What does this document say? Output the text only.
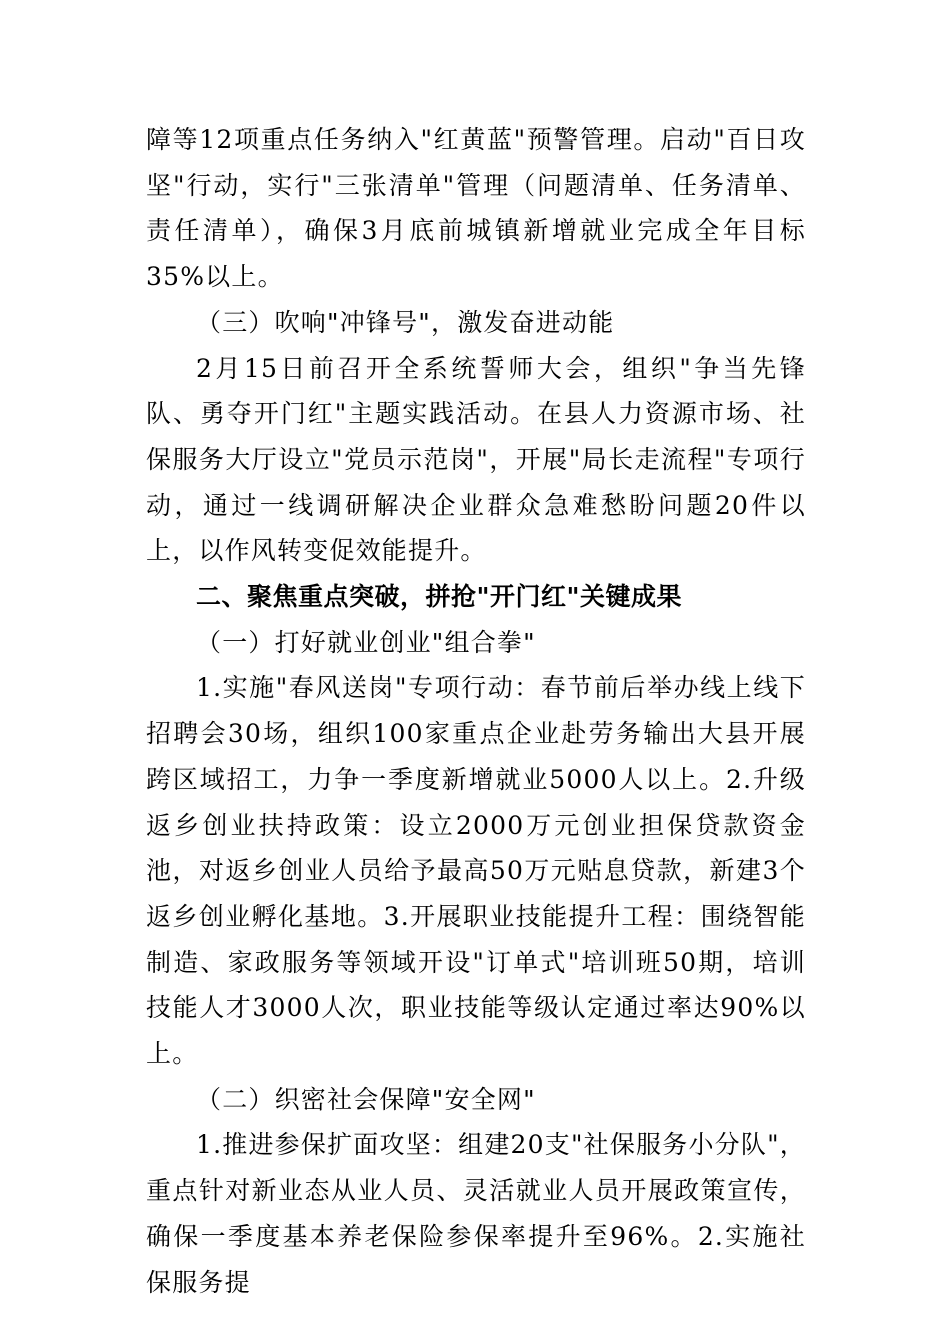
障等12项重点任务纳入"红黄蓝"预警管理。启动"百日攻坚"行动，实行"三张清单"管理（问题清单、任务清单、责任清单），确保3月底前城镇新增就业完成全年目标35%以上。

（三）吹响"冲锋号"，激发奋进动能

2月15日前召开全系统誓师大会，组织"争当先锋队、勇夺开门红"主题实践活动。在县人力资源市场、社保服务大厅设立"党员示范岗"，开展"局长走流程"专项行动，通过一线调研解决企业群众急难愁盼问题20件以上，以作风转变促效能提升。

二、聚焦重点突破，拼抢"开门红"关键成果

（一）打好就业创业"组合拳"

1.实施"春风送岗"专项行动：春节前后举办线上线下招聘会30场，组织100家重点企业赴劳务输出大县开展跨区域招工，力争一季度新增就业5000人以上。2.升级返乡创业扶持政策：设立2000万元创业担保贷款资金池，对返乡创业人员给予最高50万元贴息贷款，新建3个返乡创业孵化基地。3.开展职业技能提升工程：围绕智能制造、家政服务等领域开设"订单式"培训班50期，培训技能人才3000人次，职业技能等级认定通过率达90%以上。

（二）织密社会保障"安全网"

1.推进参保扩面攻坚：组建20支"社保服务小分队"，重点针对新业态从业人员、灵活就业人员开展政策宣传，确保一季度基本养老保险参保率提升至96%。2.实施社保服务提
